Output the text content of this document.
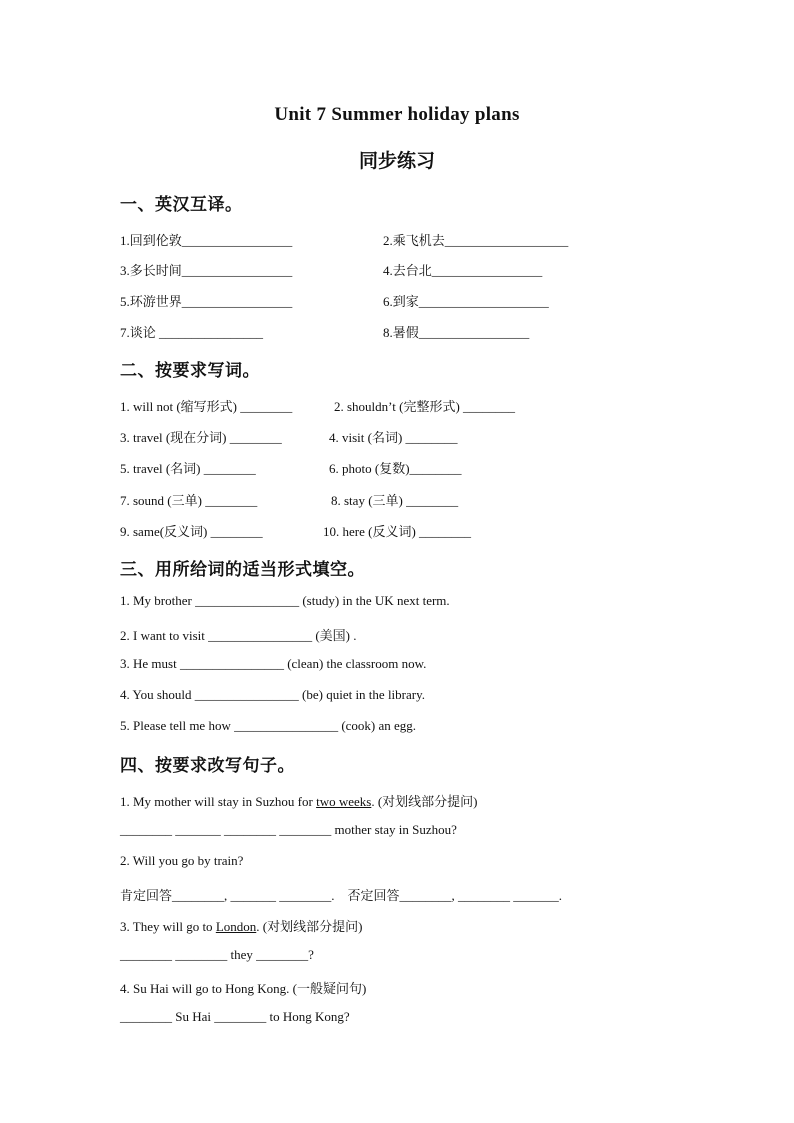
Unit 7 Summer holiday plans
同步练习
一、英汉互译。
1.回到伦敦_________________	2.乘飞机去___________________
3.多长时间_________________	4.去台北_________________
5.环游世界_________________	6.到家____________________
7.谈论 ________________	8.暑假_________________
二、按要求写词。
1. will not (缩写形式) ________	2. shouldn’t (完整形式) ________
3. travel (现在分词) ________	4. visit (名词) ________
5. travel (名词) ________	6. photo (复数)________
7. sound (三单) ________	8. stay (三单) ________
9. same(反义词) ________	10. here (反义词) ________
三、用所给词的适当形式填空。
1. My brother ________________ (study) in the UK next term.
2. I want to visit ________________ (美国) .
3. He must ________________ (clean) the classroom now.
4. You should ________________ (be) quiet in the library.
5. Please tell me how ________________ (cook) an egg.
四、按要求改写句子。
1. My mother will stay in Suzhou for two weeks. (对划线部分提问)
________ _______ ________ ________ mother stay in Suzhou?
2. Will you go by train?
肯定回答________, _______ ________.    否定回答________, ________ _______.
3. They will go to London. (对划线部分提问)
________ ________ they ________?
4. Su Hai will go to Hong Kong. (一般疑问句)
________ Su Hai ________ to Hong Kong?
